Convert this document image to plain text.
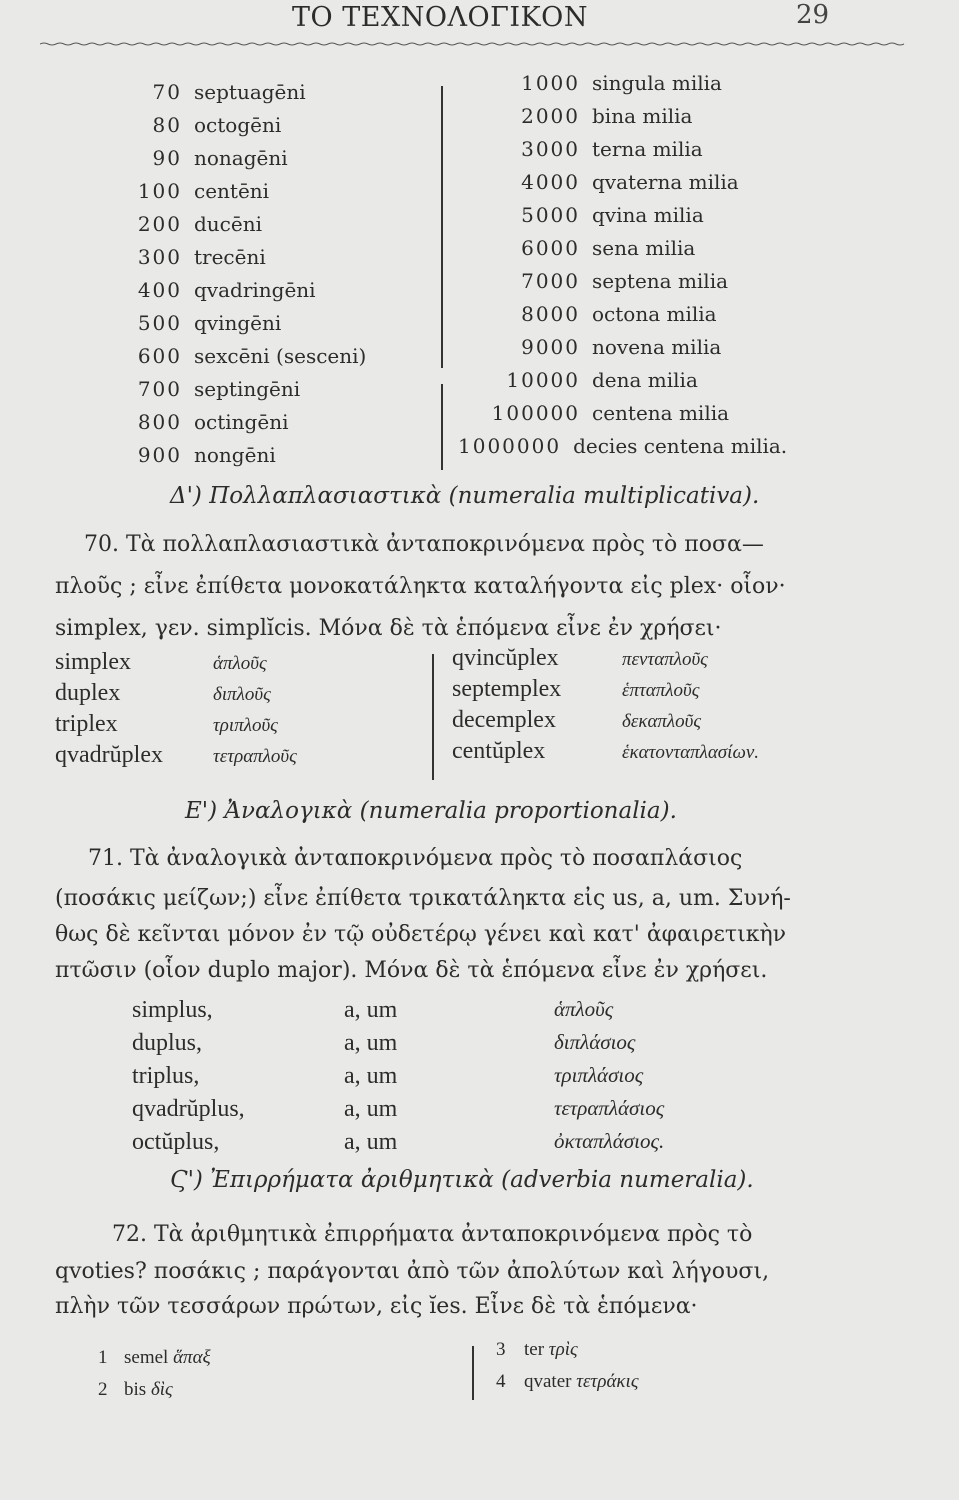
ΤΟ ΤΕΧΝΟΛΟΓΙΚΟΝ	29
70 septuagēni
80 octogēni
90 nonagēni
100 centēni
200 ducēni
300 trecēni
400 qvadringēni
500 qvingēni
600 sexcēni (sesceni)
700 septingēni
800 octingēni
900 nongēni
1000 singula milia
2000 bina milia
3000 terna milia
4000 qvaterna milia
5000 qvina milia
6000 sena milia
7000 septena milia
8000 octona milia
9000 novena milia
10000 dena milia
100000 centena milia
1000000 decies centena milia.
Δ') Πολλαπλασιαστικὰ (numeralia multiplicativa).
70. Τὰ πολλαπλασιαστικὰ ἀνταποκρινόμενα πρὸς τὸ ποσα—
πλοῦς ; εἶνε ἐπίθετα μονοκατάληκτα καταλήγοντα εἰς plex· οἷον·
simplex, γεν. simplĭcis. Μόνα δὲ τὰ ἑπόμενα εἶνε ἐν χρήσει·
simplex	ἁπλοῦς
duplex	διπλοῦς
triplex	τριπλοῦς
qvadrŭplex	τετραπλοῦς
qvincŭplex	πενταπλοῦς
septemplex	ἑπταπλοῦς
decemplex	δεκαπλοῦς
centŭplex	ἑκατονταπλασίων.
E') Ἀναλογικὰ (numeralia proportionalia).
71. Τὰ ἀναλογικὰ ἀνταποκρινόμενα πρὸς τὸ ποσαπλάσιος
(ποσάκις μείζων;) εἶνε ἐπίθετα τρικατάληκτα εἰς us, a, um. Συνή-
θως δὲ κεῖνται μόνον ἐν τῷ οὐδετέρῳ γένει καὶ κατ' ἀφαιρετικὴν
πτῶσιν (οἷον duplo major). Μόνα δὲ τὰ ἑπόμενα εἶνε ἐν χρήσει.
simplus,	a, um	ἁπλοῦς
duplus,	a, um	διπλάσιος
triplus,	a, um	τριπλάσιος
qvadrŭplus,	a, um	τετραπλάσιος
octŭplus,	a, um	ὀκταπλάσιος.
Ϛ') Ἐπιρρήματα ἀριθμητικὰ (adverbia numeralia).
72. Τὰ ἀριθμητικὰ ἐπιρρήματα ἀνταποκρινόμενα πρὸς τὸ
qvoties? ποσάκις ; παράγονται ἀπὸ τῶν ἀπολύτων καὶ λήγουσι,
πλὴν τῶν τεσσάρων πρώτων, εἰς ĭes. Εἶνε δὲ τὰ ἑπόμενα·
1 semel ἅπαξ
2 bis δὶς
3 ter τρὶς
4 qvater τετράκις
